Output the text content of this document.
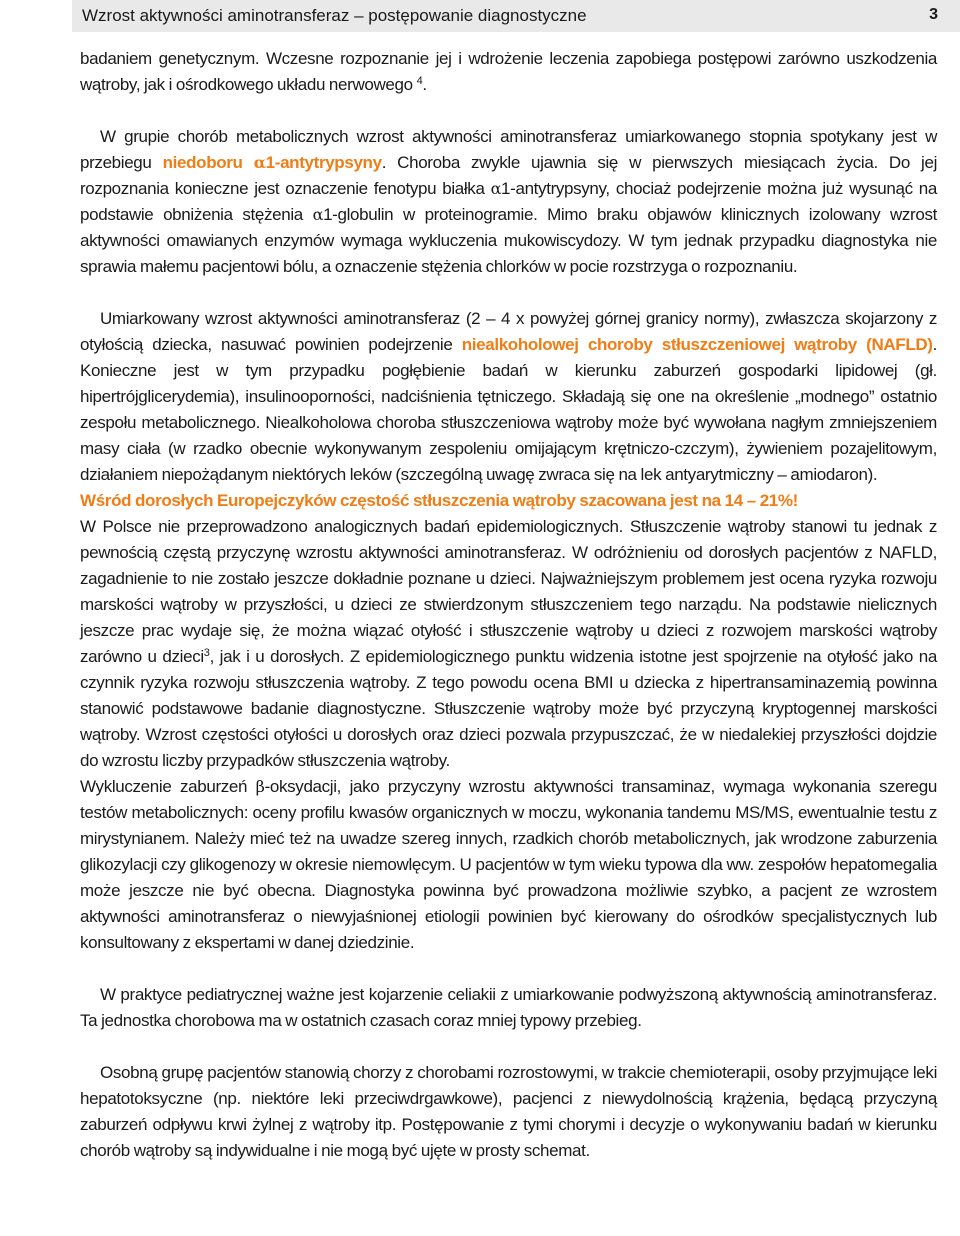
Wzrost aktywności aminotransferaz – postępowanie diagnostyczne	3

badaniem genetycznym. Wczesne rozpoznanie jej i wdrożenie leczenia zapobiega postępowi zarówno uszkodzenia wątroby, jak i ośrodkowego układu nerwowego $^4$.

W grupie chorób metabolicznych wzrost aktywności aminotransferaz umiarkowanego stopnia spotykany jest w przebiegu niedoboru α1-antytrypsyny. Choroba zwykle ujawnia się w pierwszych miesiącach życia. Do jej rozpoznania konieczne jest oznaczenie fenotypu białka α1-antytrypsyny, chociaż podejrzenie można już wysunąć na podstawie obniżenia stężenia α1-globulin w proteinogramie. Mimo braku objawów klinicznych izolowany wzrost aktywności omawianych enzymów wymaga wykluczenia mukowiscydozy. W tym jednak przypadku diagnostyka nie sprawia małemu pacjentowi bólu, a oznaczenie stężenia chlorków w pocie rozstrzyga o rozpoznaniu.

Umiarkowany wzrost aktywności aminotransferaz (2 – 4 x powyżej górnej granicy normy), zwłaszcza skojarzony z otyłością dziecka, nasuwać powinien podejrzenie niealkoholowej choroby stłuszczeniowej wątroby (NAFLD). Konieczne jest w tym przypadku pogłębienie badań w kierunku zaburzeń gospodarki lipidowej (gł. hipertrójglicerydemia), insulinooporności, nadciśnienia tętniczego. Składają się one na określenie „modnego” ostatnio zespołu metabolicznego. Niealkoholowa choroba stłuszczeniowa wątroby może być wywołana nagłym zmniejszeniem masy ciała (w rzadko obecnie wykonywanym zespoleniu omijającym krętniczo-czczym), żywieniem pozajelitowym, działaniem niepożądanym niektórych leków (szczególną uwagę zwraca się na lek antyarytmiczny – amiodaron).

Wśród dorosłych Europejczyków częstość stłuszczenia wątroby szacowana jest na 14 – 21%!

W Polsce nie przeprowadzono analogicznych badań epidemiologicznych. Stłuszczenie wątroby stanowi tu jednak z pewnością częstą przyczynę wzrostu aktywności aminotransferaz. W odróżnieniu od dorosłych pacjentów z NAFLD, zagadnienie to nie zostało jeszcze dokładnie poznane u dzieci. Najważniejszym problemem jest ocena ryzyka rozwoju marskości wątroby w przyszłości, u dzieci ze stwierdzonym stłuszczeniem tego narządu. Na podstawie nielicznych jeszcze prac wydaje się, że można wiązać otyłość i stłuszczenie wątroby u dzieci z rozwojem marskości wątroby zarówno u dzieci$^3$, jak i u dorosłych. Z epidemiologicznego punktu widzenia istotne jest spojrzenie na otyłość jako na czynnik ryzyka rozwoju stłuszczenia wątroby. Z tego powodu ocena BMI u dziecka z hipertransaminazemią powinna stanowić podstawowe badanie diagnostyczne. Stłuszczenie wątroby może być przyczyną kryptogennej marskości wątroby. Wzrost częstości otyłości u dorosłych oraz dzieci pozwala przypuszczać, że w niedalekiej przyszłości dojdzie do wzrostu liczby przypadków stłuszczenia wątroby.

Wykluczenie zaburzeń β-oksydacji, jako przyczyny wzrostu aktywności transaminaz, wymaga wykonania szeregu testów metabolicznych: oceny profilu kwasów organicznych w moczu, wykonania tandemu MS/MS, ewentualnie testu z mirystynianem. Należy mieć też na uwadze szereg innych, rzadkich chorób metabolicznych, jak wrodzone zaburzenia glikozylacji czy glikogenozy w okresie niemowlęcym. U pacjentów w tym wieku typowa dla ww. zespołów hepatomegalia może jeszcze nie być obecna. Diagnostyka powinna być prowadzona możliwie szybko, a pacjent ze wzrostem aktywności aminotransferaz o niewyjaśnionej etiologii powinien być kierowany do ośrodków specjalistycznych lub konsultowany z ekspertami w danej dziedzinie.

W praktyce pediatrycznej ważne jest kojarzenie celiakii z umiarkowanie podwyższoną aktywnością aminotransferaz. Ta jednostka chorobowa ma w ostatnich czasach coraz mniej typowy przebieg.

Osobną grupę pacjentów stanowią chorzy z chorobami rozrostowymi, w trakcie chemioterapii, osoby przyjmujące leki hepatotoksyczne (np. niektóre leki przeciwdrgawkowe), pacjenci z niewydolnością krążenia, będącą przyczyną zaburzeń odpływu krwi żylnej z wątroby itp. Postępowanie z tymi chorymi i decyzje o wykonywaniu badań w kierunku chorób wątroby są indywidualne i nie mogą być ujęte w prosty schemat.
